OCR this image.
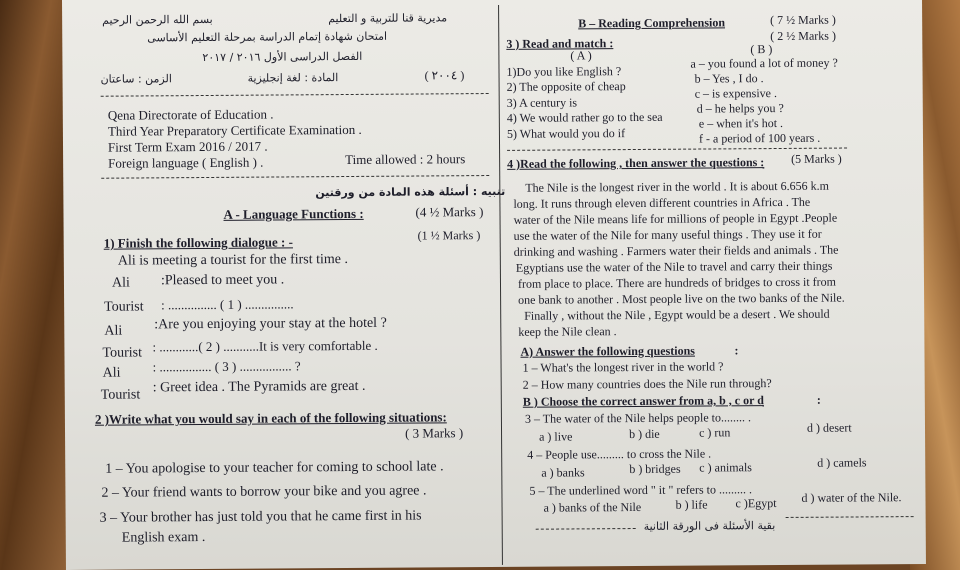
بسم الله الرحمن الرحيم	مديرية قنا للتربية و التعليم
امتحان شهادة إتمام الدراسة بمرحلة التعليم الأساسى
الفصل الدراسى الأول ٢٠١٦ / ٢٠١٧
الزمن : ساعتان	المادة : لغة إنجليزية	( ٢٠٠٤ )
Qena Directorate of Education .
Third Year Preparatory Certificate Examination .
First Term Exam 2016 / 2017 .
Foreign language ( English ) .	Time allowed : 2 hours
تنبيه : أسئلة هذه المادة من ورقتين
A - Language Functions :	(4 ½ Marks )
1) Finish the following dialogue : -	(1 ½ Marks )
Ali is meeting a tourist for the first time .
Ali :Pleased to meet you .
Tourist : ............... ( 1 ) ...............
Ali :Are you enjoying your stay at the hotel ?
Tourist : ............( 2 ) ...........It is very comfortable .
Ali : ................ ( 3 ) ................ ?
Tourist : Greet idea . The Pyramids are great .
2 )Write what you would say in each of the following situations:
( 3 Marks )
1 – You apologise to your teacher for coming to school late .
2 – Your friend wants to borrow your bike and you agree .
3 – Your brother has just told you that he came first in his
English exam .
B – Reading Comprehension	( 7 ½ Marks )
3 ) Read and match :
( 2 ½ Marks )
( A )	( B )
1)Do you like English ?
2) The opposite of cheap
3) A century is
4) We would rather go to the sea
5) What would you do if
a – you found a lot of money ?
b – Yes , I do .
c – is expensive .
d – he helps you ?
e – when it's hot .
f - a period of 100 years .
4 )Read the following , then answer the questions : (5 Marks )
The Nile is the longest river in the world . It is about 6.656 k.m
long. It runs through eleven different countries in Africa . The
water of the Nile means life for millions of people in Egypt .People
use the water of the Nile for many useful things . They use it for
drinking and washing . Farmers water their fields and animals . The
Egyptians use the water of the Nile to travel and carry their things
from place to place. There are hundreds of bridges to cross it from
one bank to another . Most people live on the two banks of the Nile.
Finally , without the Nile , Egypt would be a desert . We should
keep the Nile clean .
A) Answer the following questions	:
1 – What's the longest river in the world ?
2 – How many countries does the Nile run through?
B ) Choose the correct answer from a, b , c or d	:
3 – The water of the Nile helps people to........ .
a ) live	b ) die	c ) run	d ) desert
4 – People use......... to cross the Nile .
a ) banks	b ) bridges c ) animals	d ) camels
5 – The underlined word " it " refers to ......... .
a ) banks of the Nile	b ) life c )Egypt d ) water of the Nile.
بقية الأسئلة فى الورقة الثانية
